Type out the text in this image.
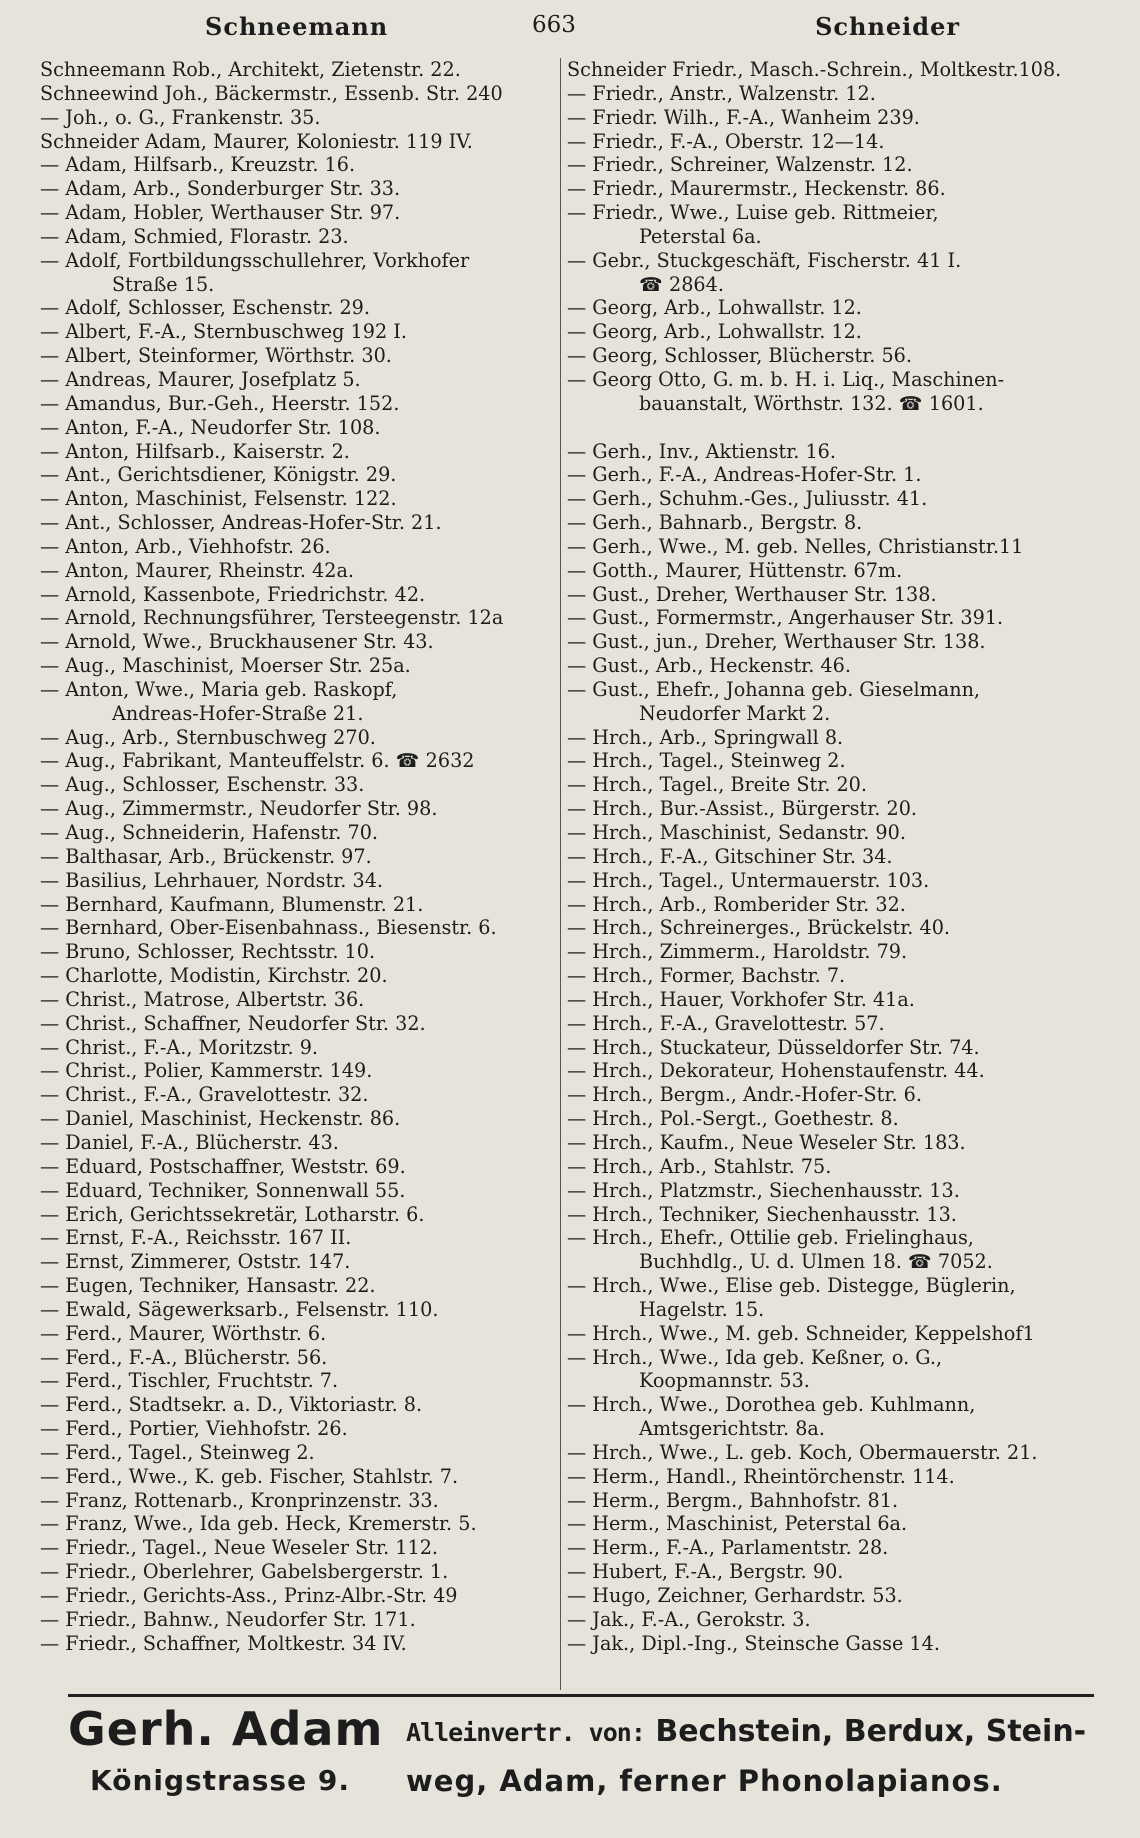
Schneemann	663	Schneider
Schneemann Rob., Architekt, Zietenstr. 22.
Schneewind Joh., Bäckermstr., Essenb. Str. 240
— Joh., o. G., Frankenstr. 35.
Schneider Adam, Maurer, Koloniestr. 119 IV.
— Adam, Hilfsarb., Kreuzstr. 16.
— Adam, Arb., Sonderburger Str. 33.
— Adam, Hobler, Werthauser Str. 97.
— Adam, Schmied, Florastr. 23.
— Adolf, Fortbildungsschullehrer, Vorkhofer
Straße 15.
— Adolf, Schlosser, Eschenstr. 29.
— Albert, F.-A., Sternbuschweg 192 I.
— Albert, Steinformer, Wörthstr. 30.
— Andreas, Maurer, Josefplatz 5.
— Amandus, Bur.-Geh., Heerstr. 152.
— Anton, F.-A., Neudorfer Str. 108.
— Anton, Hilfsarb., Kaiserstr. 2.
— Ant., Gerichtsdiener, Königstr. 29.
— Anton, Maschinist, Felsenstr. 122.
— Ant., Schlosser, Andreas-Hofer-Str. 21.
— Anton, Arb., Viehhofstr. 26.
— Anton, Maurer, Rheinstr. 42a.
— Arnold, Kassenbote, Friedrichstr. 42.
— Arnold, Rechnungsführer, Tersteegenstr. 12a
— Arnold, Wwe., Bruckhausener Str. 43.
— Aug., Maschinist, Moerser Str. 25a.
— Anton, Wwe., Maria geb. Raskopf,
Andreas-Hofer-Straße 21.
— Aug., Arb., Sternbuschweg 270.
— Aug., Fabrikant, Manteuffelstr. 6. ☎ 2632
— Aug., Schlosser, Eschenstr. 33.
— Aug., Zimmermstr., Neudorfer Str. 98.
— Aug., Schneiderin, Hafenstr. 70.
— Balthasar, Arb., Brückenstr. 97.
— Basilius, Lehrhauer, Nordstr. 34.
— Bernhard, Kaufmann, Blumenstr. 21.
— Bernhard, Ober-Eisenbahnass., Biesenstr. 6.
— Bruno, Schlosser, Rechtsstr. 10.
— Charlotte, Modistin, Kirchstr. 20.
— Christ., Matrose, Albertstr. 36.
— Christ., Schaffner, Neudorfer Str. 32.
— Christ., F.-A., Moritzstr. 9.
— Christ., Polier, Kammerstr. 149.
— Christ., F.-A., Gravelottestr. 32.
— Daniel, Maschinist, Heckenstr. 86.
— Daniel, F.-A., Blücherstr. 43.
— Eduard, Postschaffner, Weststr. 69.
— Eduard, Techniker, Sonnenwall 55.
— Erich, Gerichtssekretär, Lotharstr. 6.
— Ernst, F.-A., Reichsstr. 167 II.
— Ernst, Zimmerer, Oststr. 147.
— Eugen, Techniker, Hansastr. 22.
— Ewald, Sägewerksarb., Felsenstr. 110.
— Ferd., Maurer, Wörthstr. 6.
— Ferd., F.-A., Blücherstr. 56.
— Ferd., Tischler, Fruchtstr. 7.
— Ferd., Stadtsekr. a. D., Viktoriastr. 8.
— Ferd., Portier, Viehhofstr. 26.
— Ferd., Tagel., Steinweg 2.
— Ferd., Wwe., K. geb. Fischer, Stahlstr. 7.
— Franz, Rottenarb., Kronprinzenstr. 33.
— Franz, Wwe., Ida geb. Heck, Kremerstr. 5.
— Friedr., Tagel., Neue Weseler Str. 112.
— Friedr., Oberlehrer, Gabelsbergerstr. 1.
— Friedr., Gerichts-Ass., Prinz-Albr.-Str. 49
— Friedr., Bahnw., Neudorfer Str. 171.
— Friedr., Schaffner, Moltkestr. 34 IV.
Schneider Friedr., Masch.-Schrein., Moltkestr.108.
— Friedr., Anstr., Walzenstr. 12.
— Friedr. Wilh., F.-A., Wanheim 239.
— Friedr., F.-A., Oberstr. 12—14.
— Friedr., Schreiner, Walzenstr. 12.
— Friedr., Maurermstr., Heckenstr. 86.
— Friedr., Wwe., Luise geb. Rittmeier,
Peterstal 6a.
— Gebr., Stuckgeschäft, Fischerstr. 41 I.
☎ 2864.
— Georg, Arb., Lohwallstr. 12.
— Georg, Arb., Lohwallstr. 12.
— Georg, Schlosser, Blücherstr. 56.
— Georg Otto, G. m. b. H. i. Liq., Maschinen-
bauanstalt, Wörthstr. 132. ☎ 1601.

— Gerh., Inv., Aktienstr. 16.
— Gerh., F.-A., Andreas-Hofer-Str. 1.
— Gerh., Schuhm.-Ges., Juliusstr. 41.
— Gerh., Bahnarb., Bergstr. 8.
— Gerh., Wwe., M. geb. Nelles, Christianstr.11
— Gotth., Maurer, Hüttenstr. 67m.
— Gust., Dreher, Werthauser Str. 138.
— Gust., Formermstr., Angerhauser Str. 391.
— Gust., jun., Dreher, Werthauser Str. 138.
— Gust., Arb., Heckenstr. 46.
— Gust., Ehefr., Johanna geb. Gieselmann,
Neudorfer Markt 2.
— Hrch., Arb., Springwall 8.
— Hrch., Tagel., Steinweg 2.
— Hrch., Tagel., Breite Str. 20.
— Hrch., Bur.-Assist., Bürgerstr. 20.
— Hrch., Maschinist, Sedanstr. 90.
— Hrch., F.-A., Gitschiner Str. 34.
— Hrch., Tagel., Untermauerstr. 103.
— Hrch., Arb., Romberider Str. 32.
— Hrch., Schreinerges., Brückelstr. 40.
— Hrch., Zimmerm., Haroldstr. 79.
— Hrch., Former, Bachstr. 7.
— Hrch., Hauer, Vorkhofer Str. 41a.
— Hrch., F.-A., Gravelottestr. 57.
— Hrch., Stuckateur, Düsseldorfer Str. 74.
— Hrch., Dekorateur, Hohenstaufenstr. 44.
— Hrch., Bergm., Andr.-Hofer-Str. 6.
— Hrch., Pol.-Sergt., Goethestr. 8.
— Hrch., Kaufm., Neue Weseler Str. 183.
— Hrch., Arb., Stahlstr. 75.
— Hrch., Platzmstr., Siechenhausstr. 13.
— Hrch., Techniker, Siechenhausstr. 13.
— Hrch., Ehefr., Ottilie geb. Frielinghaus,
Buchhdlg., U. d. Ulmen 18. ☎ 7052.
— Hrch., Wwe., Elise geb. Distegge, Büglerin,
Hagelstr. 15.
— Hrch., Wwe., M. geb. Schneider, Keppelshof1
— Hrch., Wwe., Ida geb. Keßner, o. G.,
Koopmannstr. 53.
— Hrch., Wwe., Dorothea geb. Kuhlmann,
Amtsgerichtstr. 8a.
— Hrch., Wwe., L. geb. Koch, Obermauerstr. 21.
— Herm., Handl., Rheintörchenstr. 114.
— Herm., Bergm., Bahnhofstr. 81.
— Herm., Maschinist, Peterstal 6a.
— Herm., F.-A., Parlamentstr. 28.
— Hubert, F.-A., Bergstr. 90.
— Hugo, Zeichner, Gerhardstr. 53.
— Jak., F.-A., Gerokstr. 3.
— Jak., Dipl.-Ing., Steinsche Gasse 14.
Gerh. Adam
Königstrasse 9.
Alleinvertr. von: Bechstein, Berdux, Stein-
weg, Adam, ferner Phonolapianos.
